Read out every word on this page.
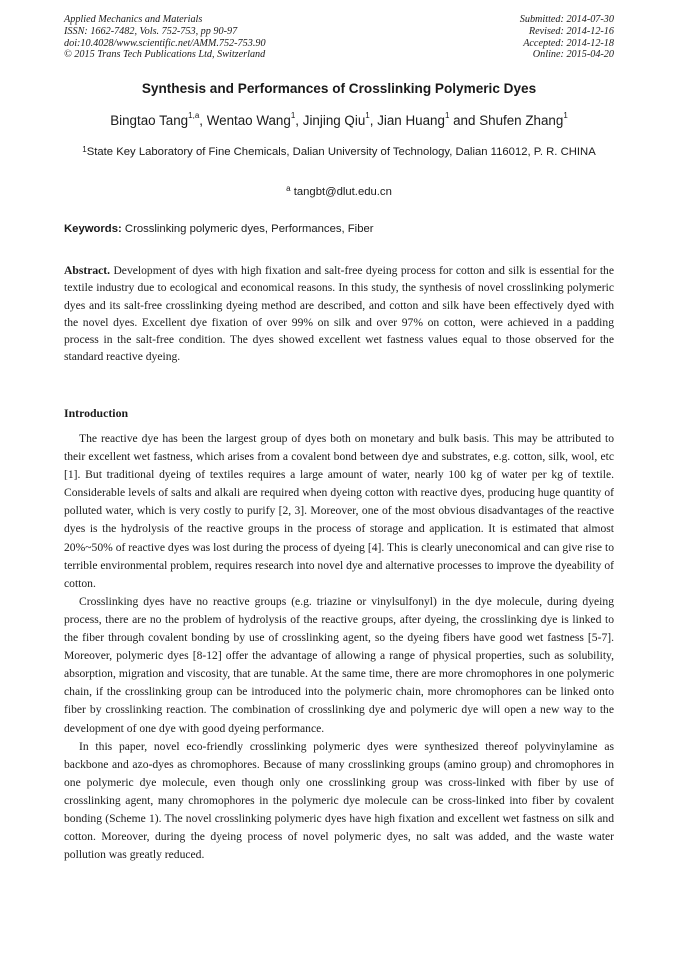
Applied Mechanics and Materials
ISSN: 1662-7482, Vols. 752-753, pp 90-97
doi:10.4028/www.scientific.net/AMM.752-753.90
© 2015 Trans Tech Publications Ltd, Switzerland
Submitted: 2014-07-30
Revised: 2014-12-16
Accepted: 2014-12-18
Online: 2015-04-20
Synthesis and Performances of Crosslinking Polymeric Dyes
Bingtao Tang$^{1,a}$, Wentao Wang$^1$, Jinjing Qiu$^1$, Jian Huang$^1$ and Shufen Zhang$^1$
$^1$State Key Laboratory of Fine Chemicals, Dalian University of Technology, Dalian 116012, P. R. CHINA
$^a$ tangbt@dlut.edu.cn
Keywords: Crosslinking polymeric dyes, Performances, Fiber
Abstract. Development of dyes with high fixation and salt-free dyeing process for cotton and silk is essential for the textile industry due to ecological and economical reasons. In this study, the synthesis of novel crosslinking polymeric dyes and its salt-free crosslinking dyeing method are described, and cotton and silk have been effectively dyed with the novel dyes. Excellent dye fixation of over 99% on silk and over 97% on cotton, were achieved in a padding process in the salt-free condition. The dyes showed excellent wet fastness values equal to those observed for the standard reactive dyeing.
Introduction

The reactive dye has been the largest group of dyes both on monetary and bulk basis. This may be attributed to their excellent wet fastness, which arises from a covalent bond between dye and substrates, e.g. cotton, silk, wool, etc [1]. But traditional dyeing of textiles requires a large amount of water, nearly 100 kg of water per kg of textile. Considerable levels of salts and alkali are required when dyeing cotton with reactive dyes, producing huge quantity of polluted water, which is very costly to purify [2, 3]. Moreover, one of the most obvious disadvantages of the reactive dyes is the hydrolysis of the reactive groups in the process of storage and application. It is estimated that almost 20%~50% of reactive dyes was lost during the process of dyeing [4]. This is clearly uneconomical and can give rise to terrible environmental problem, requires research into novel dye and alternative processes to improve the dyeability of cotton.

Crosslinking dyes have no reactive groups (e.g. triazine or vinylsulfonyl) in the dye molecule, during dyeing process, there are no the problem of hydrolysis of the reactive groups, after dyeing, the crosslinking dye is linked to the fiber through covalent bonding by use of crosslinking agent, so the dyeing fibers have good wet fastness [5-7]. Moreover, polymeric dyes [8-12] offer the advantage of allowing a range of physical properties, such as solubility, absorption, migration and viscosity, that are tunable. At the same time, there are more chromophores in one polymeric chain, if the crosslinking group can be introduced into the polymeric chain, more chromophores can be linked onto fiber by crosslinking reaction. The combination of crosslinking dye and polymeric dye will open a new way to the development of one dye with good dyeing performance.

In this paper, novel eco-friendly crosslinking polymeric dyes were synthesized thereof polyvinylamine as backbone and azo-dyes as chromophores. Because of many crosslinking groups (amino group) and chromophores in one polymeric dye molecule, even though only one crosslinking group was cross-linked with fiber by use of crosslinking agent, many chromophores in the polymeric dye molecule can be cross-linked into fiber by covalent bonding (Scheme 1). The novel crosslinking polymeric dyes have high fixation and excellent wet fastness on silk and cotton. Moreover, during the dyeing process of novel polymeric dyes, no salt was added, and the waste water pollution was greatly reduced.
